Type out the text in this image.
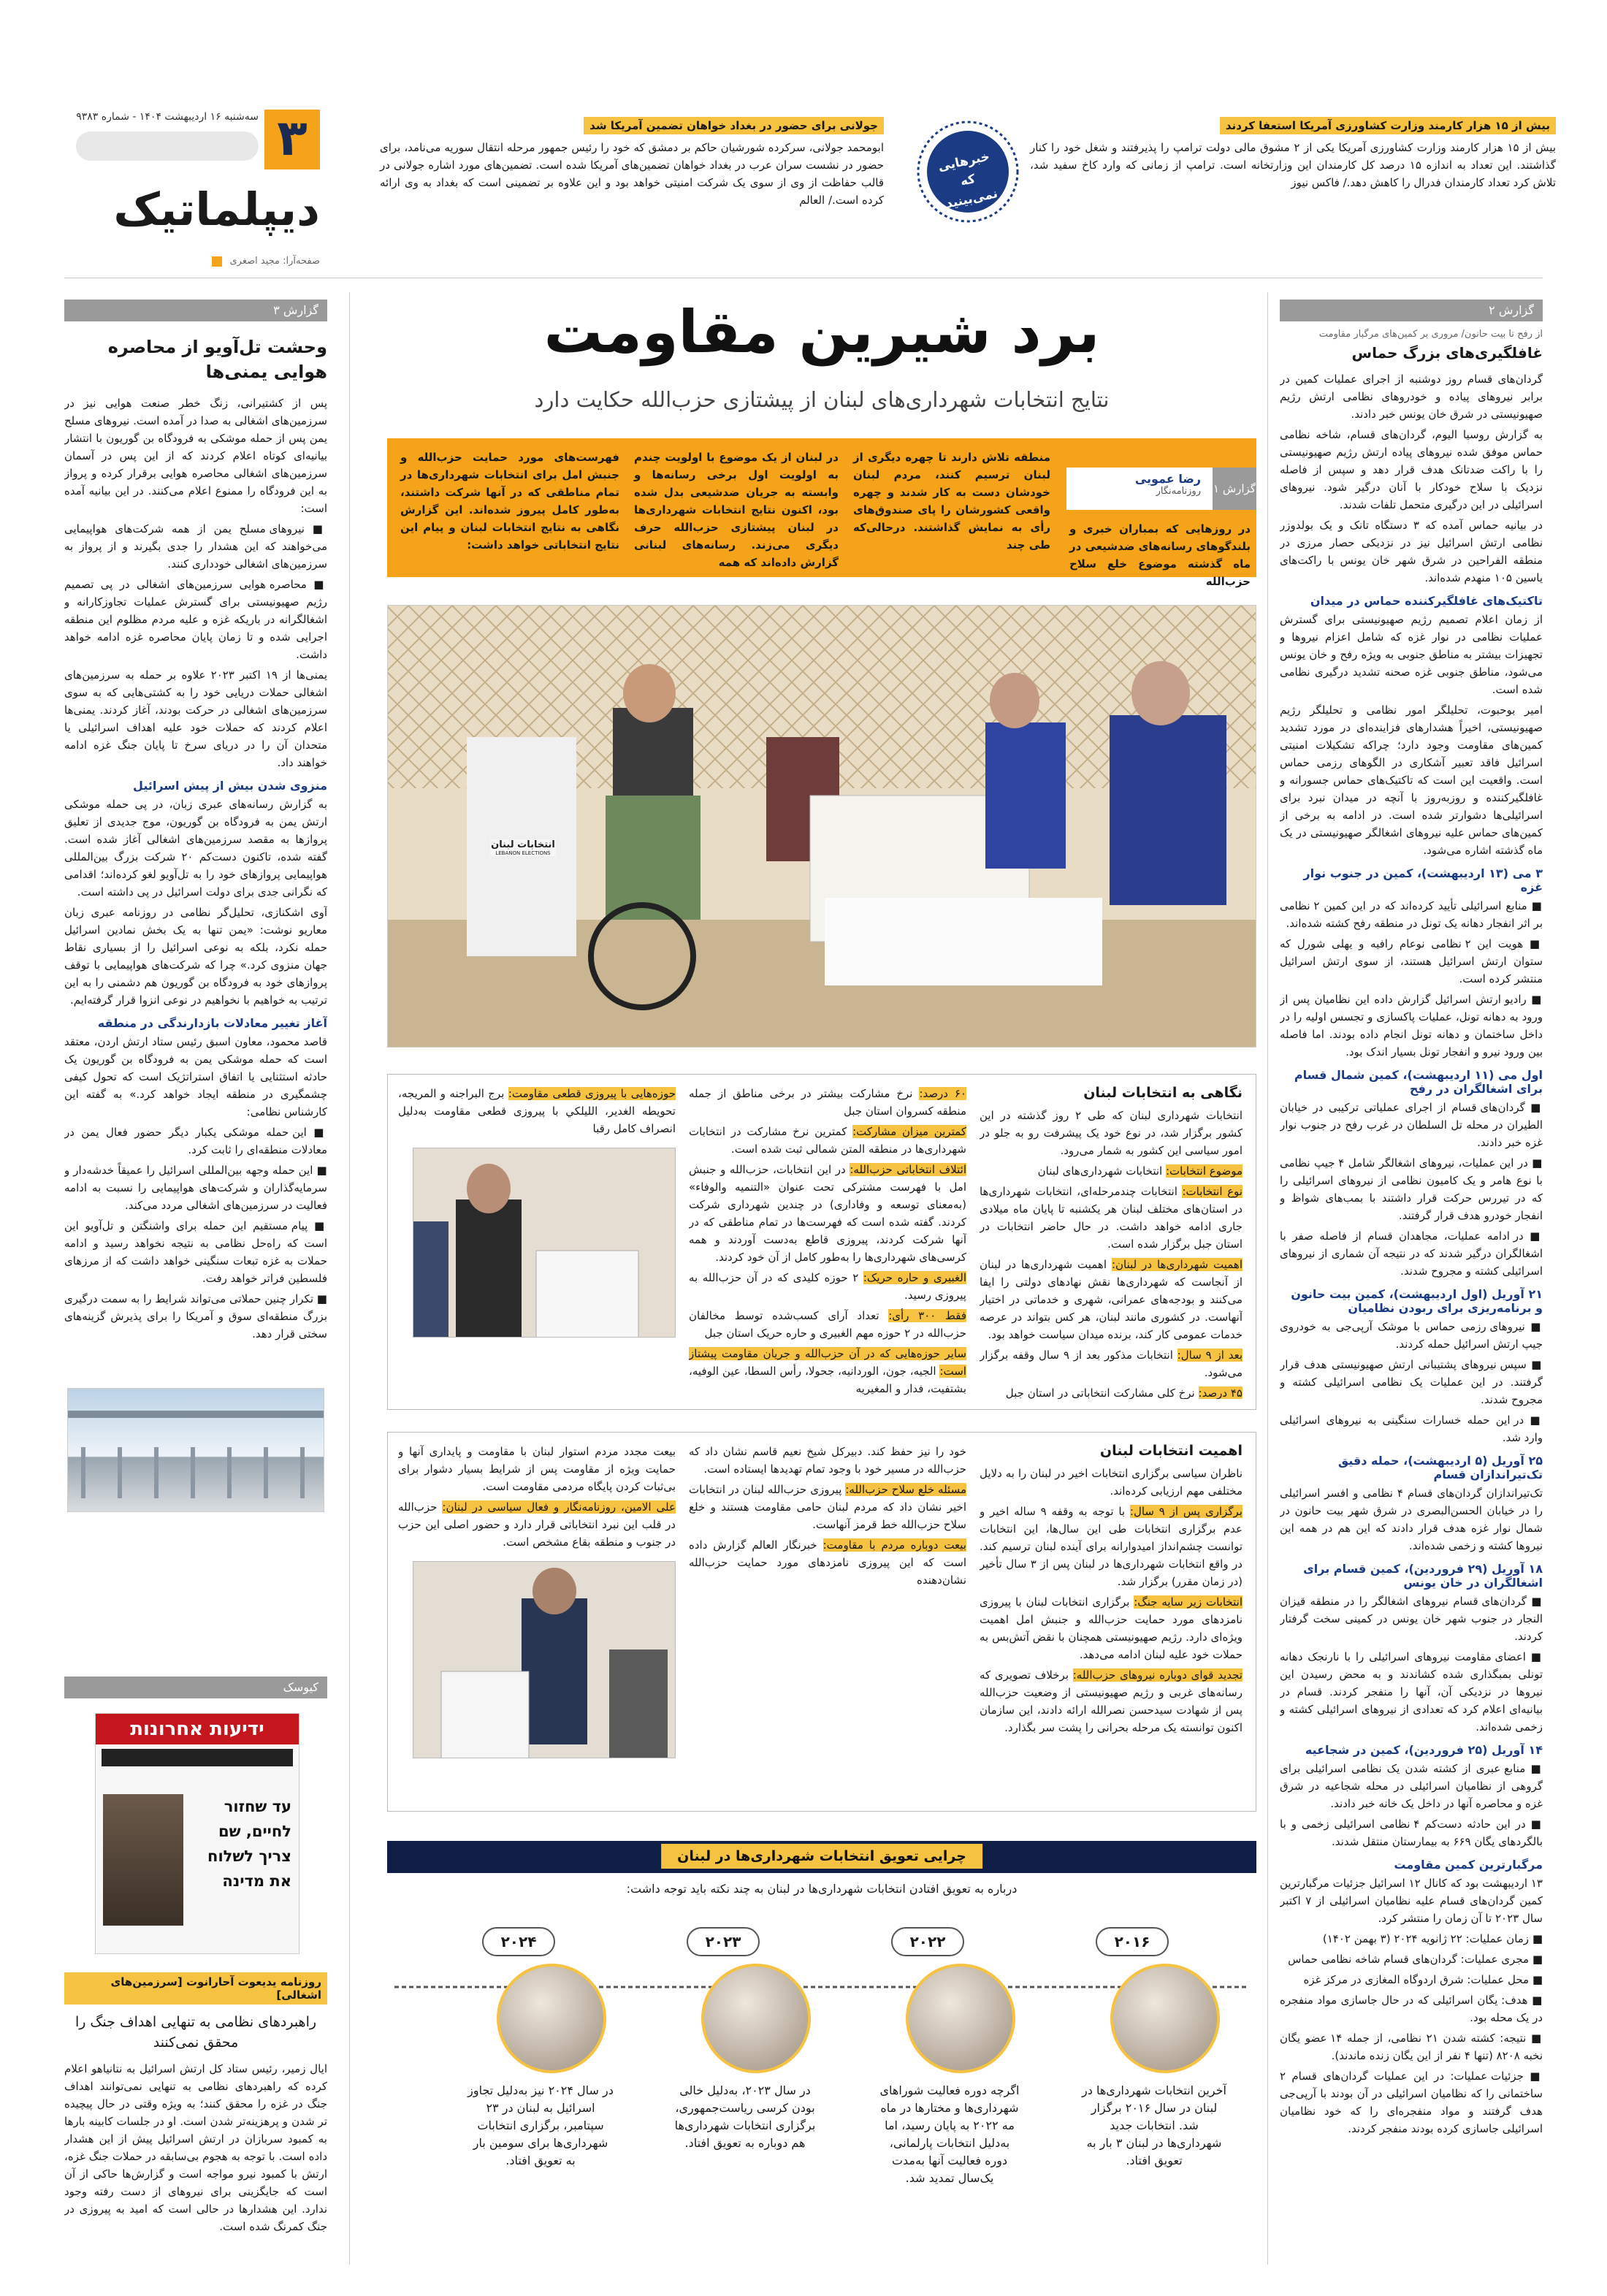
٣
سه‌شنبه ۱۶ اردیبهشت ۱۴۰۴ - شماره ۹۳۸۳
دیپلماتیک
صفحه‌آرا: مجید اصغری
بیش از ۱۵ هزار کارمند وزارت کشاورزی آمریکا استعفا کردند

بیش از ۱۵ هزار کارمند وزارت کشاورزی آمریکا یکی از ۲ مشوق مالی دولت ترامپ را پذیرفتند و شغل خود را کنار گذاشتند. این تعداد به اندازه ۱۵ درصد کل کارمندان این وزارتخانه است. ترامپ از زمانی که وارد کاخ سفید شد، تلاش کرد تعداد کارمندان فدرال را کاهش دهد./ فاکس نیوز

خبرهایی که نمی‌بینید
جولانی برای حضور در بغداد خواهان تضمین آمریکا شد

ابومحمد جولانی، سرکرده شورشیان حاکم بر دمشق که خود را رئیس جمهور مرحله انتقال سوریه می‌نامد، برای حضور در نشست سران عرب در بغداد خواهان تضمین‌های آمریکا شده است. تضمین‌های مورد اشاره جولانی در قالب حفاظت از وی از سوی یک شرکت امنیتی خواهد بود و این علاوه بر تضمینی است که بغداد به وی ارائه کرده است./ العالم

گزارش ۳
وحشت تل‌آویو از محاصره هوایی یمنی‌ها

پس از کشتیرانی، زنگ خطر صنعت هوایی نیز در سرزمین‌های اشغالی به صدا در آمده است. نیروهای مسلح یمن پس از حمله موشکی به فرودگاه بن گوریون با انتشار بیانیه‌ای کوتاه اعلام کردند که از این پس در آسمان سرزمین‌های اشغالی محاصره هوایی برقرار کرده و پرواز به این فرودگاه را ممنوع اعلام می‌کنند. در این بیانیه آمده است:

■ نیروهای مسلح یمن از همه شرکت‌های هواپیمایی می‌خواهند که این هشدار را جدی بگیرند و از پرواز به سرزمین‌های اشغالی خودداری کنند.

■ محاصره هوایی سرزمین‌های اشغالی در پی تصمیم رژیم صهیونیستی برای گسترش عملیات تجاوزکارانه و اشغالگرانه در باریکه غزه و علیه مردم مظلوم این منطقه اجرایی شده و تا زمان پایان محاصره غزه ادامه خواهد داشت.

یمنی‌ها از ۱۹ اکتبر ۲۰۲۳ علاوه بر حمله به سرزمین‌های اشغالی حملات دریایی خود را به کشتی‌هایی که به سوی سرزمین‌های اشغالی در حرکت بودند، آغاز کردند. یمنی‌ها اعلام کردند که حملات خود علیه اهداف اسرائیلی یا متحدان آن را در دریای سرخ تا پایان جنگ غزه ادامه خواهند داد.

منزوی شدن بیش از پیش اسرائیل

به گزارش رسانه‌های عبری زبان، در پی حمله موشکی ارتش یمن به فرودگاه بن گوریون، موج جدیدی از تعلیق پروازها به مقصد سرزمین‌های اشغالی آغاز شده است. گفته شده، تاکنون دست‌کم ۲۰ شرکت بزرگ بین‌المللی هواپیمایی پروازهای خود را به تل‌آویو لغو کرده‌اند؛ اقدامی که نگرانی جدی برای دولت اسرائیل در پی داشته است.

آوی اشکنازی، تحلیل‌گر نظامی در روزنامه عبری زبان معاریو نوشت: «یمن تنها به یک بخش نمادین اسرائیل حمله نکرد، بلکه به نوعی اسرائیل را از بسیاری نقاط جهان منزوی کرد.» چرا که شرکت‌های هواپیمایی با توقف پروازهای خود به فرودگاه بن گوریون هم دشمنی را به این ترتیب به خواهیم با نخواهیم در نوعی انزوا قرار گرفته‌ایم.

آغاز تغییر معادلات بازدارندگی در منطقه

قاصد محمود، معاون اسبق رئیس ستاد ارتش اردن، معتقد است که حمله موشکی یمن به فرودگاه بن گوریون یک حادثه استثنایی یا اتفاق استراتژیک است که تحول کیفی چشمگیری در منطقه ایجاد خواهد کرد.» به گفته این کارشناس نظامی:

■ این حمله موشکی یکبار دیگر حضور فعال یمن در معادلات منطقه‌ای را ثابت کرد.

■ این حمله وجهه بین‌المللی اسرائیل را عمیقاً خدشه‌دار و سرمایه‌گذاران و شرکت‌های هواپیمایی را نسبت به ادامه فعالیت در سرزمین‌های اشغالی مردد می‌کند.

■ پیام مستقیم این حمله برای واشنگتن و تل‌آویو این است که راه‌حل نظامی به نتیجه نخواهد رسید و ادامه حملات به غزه تبعات سنگینی خواهد داشت که از مرزهای فلسطین فراتر خواهد رفت.

■ تکرار چنین حملاتی می‌تواند شرایط را به سمت درگیری بزرگ منطقه‌ای سوق و آمریکا را برای پذیرش گزینه‌های سختی قرار دهد.

کیوسک
ידיעות אחרונות
עד שחזור
לחיים, שם
צריך לשלוח
את מדינה
روزنامه یدیعوت آحارانوت [سرزمین‌های اشغالی]
راهبرد‌های نظامی به تنهایی اهداف جنگ را محقق نمی‌کنند

ایال زمیر، رئیس ستاد کل ارتش اسرائیل به نتانیاهو اعلام کرده که راهبردهای نظامی به تنهایی نمی‌توانند اهداف جنگ در غزه را محقق کنند؛ به ویژه وقتی در حال پیچیده تر شدن و پرهزینه‌تر شدن است. او در جلسات کابینه بارها به کمبود سربازان در ارتش اسرائیل پیش از این هشدار داده است. با توجه به هجوم بی‌سابقه در حملات جنگ غزه، ارتش با کمبود نیرو مواجه است و گزارش‌ها حاکی از آن است که جایگزینی برای نیروهای از دست رفته وجود ندارد. این هشدارها در حالی است که امید به پیروزی در جنگ کمرنگ شده است.

برد شیرین مقاومت
نتایج انتخابات شهرداری‌های لبنان از پیشتازی حزب‌الله حکایت دارد
گزارش ۱
رضا عمویی
روزنامه‌نگار

در روزهایی که بمباران خبری و بلندگوهای رسانه‌های ضدشیعی در ماه گذشته موضوع خلع سلاح حزب‌الله

منطقه تلاش دارند تا چهره دیگری از لبنان ترسیم کنند، مردم لبنان خودشان دست به کار شدند و چهره واقعی کشورشان را پای صندوق‌های رأی به نمایش گذاشتند. درحالی‌که طی چند

در لبنان از یک موضوع با اولویت چندم به اولویت اول برخی رسانه‌ها و وابسته به جریان ضدشیعی بدل شده بود، اکنون نتایج انتخابات شهرداری‌ها در لبنان پیشتازی حزب‌الله حرف دیگری می‌زند. رسانه‌های لبنانی گزارش داده‌اند که همه

فهرست‌های مورد حمایت حزب‌الله و جنبش امل برای انتخابات شهرداری‌ها در تمام مناطقی که در آنها شرکت داشتند، به‌طور کامل پیروز شده‌اند. این گزارش نگاهی به نتایج انتخابات لبنان و پیام این نتایج انتخاباتی خواهد داشت:

انتخابات لبنان
LEBANON ELECTIONS
نگاهی به انتخابات لبنان

انتخابات شهرداری لبنان که طی ۲ روز گذشته در این کشور برگزار شد، در نوع خود یک پیشرفت رو به جلو در امور سیاسی این کشور به شمار می‌رود.

موضوع انتخابات: انتخابات شهرداری‌های لبنان

نوع انتخابات: انتخابات چندمرحله‌ای، انتخابات شهرداری‌ها در استان‌های مختلف لبنان هر یکشنبه تا پایان ماه میلادی جاری ادامه خواهد داشت. در حال حاضر انتخابات در استان جبل برگزار شده است.

اهمیت شهرداری‌ها در لبنان: اهمیت شهرداری‌ها در لبنان از آنجاست که شهرداری‌ها نقش نهادهای دولتی را ایفا می‌کنند و بودجه‌های عمرانی، شهری و خدماتی در اختیار آنهاست. در کشوری مانند لبنان، هر کس بتواند در عرصه خدمات عمومی کار کند، برنده میدان سیاست خواهد بود.

بعد از ۹ سال: انتخابات مذکور بعد از ۹ سال وقفه برگزار می‌شود.

۴۵ درصد: نرخ کلی مشارکت انتخاباتی در استان جبل

۶۰ درصد: نرخ مشارکت بیشتر در برخی مناطق از جمله منطقه کسروان استان جبل

کمترین میزان مشارکت: کمترین نرخ مشارکت در انتخابات شهرداری‌ها در منطقه المتن شمالی ثبت شده است.

ائتلاف انتخاباتی حزب‌الله: در این انتخابات، حزب‌الله و جنبش امل با فهرست مشترکی تحت عنوان «التنمیه والوفاء» (به‌معنای توسعه و وفاداری) در چندین شهرداری شرکت کردند. گفته شده است که فهرست‌ها در تمام مناطقی که در آنها شرکت کردند، پیروزی قاطع به‌دست آوردند و همه کرسی‌های شهرداری‌ها را به‌طور کامل از آن خود کردند.

الغبیری و حاره حریک: ۲ حوزه کلیدی که در آن حزب‌الله به پیروزی رسید.

فقط ۳۰۰ رأی: تعداد آرای کسب‌شده توسط مخالفان حزب‌الله در ۲ حوزه مهم الغبیری و حاره حریک استان جبل

سایر حوزه‌هایی که در آن حزب‌الله و جریان مقاومت پیشتاز است: الجیه، جون، الوردانیه، جحولا، رأس السطا، عین الوفیه، بشتفیت، فدار و المغیریه

حوزه‌هایی با پیروزی قطعی مقاومت: برج البراجنه و المریجه، تحویطه الغدیر، الليلكي با پیروزی قطعی مقاومت به‌دلیل انصراف کامل رقبا

اهمیت انتخابات لبنان

ناظران سیاسی برگزاری انتخابات اخیر در لبنان را به دلایل مختلفی مهم ارزیابی کرده‌اند.

برگزاری پس از ۹ سال: با توجه به وقفه ۹ ساله اخیر و عدم برگزاری انتخابات طی این سال‌ها، این انتخابات توانست چشم‌انداز امیدوارانه برای آینده لبنان ترسیم کند. در واقع انتخابات شهرداری‌ها در لبنان پس از ۳ سال تأخیر (در زمان مقرر) برگزار شد.

انتخابات زیر سایه جنگ: برگزاری انتخابات لبنان با پیروزی نامزدهای مورد حمایت حزب‌الله و جنبش امل اهمیت ویژه‌ای دارد. رژیم صهیونیستی همچنان با نقض آتش‌بس به حملات خود علیه لبنان ادامه می‌دهد.

تجدید قوای دوباره نیروهای حزب‌الله: برخلاف تصویری که رسانه‌های غربی و رژیم صهیونیستی از وضعیت حزب‌الله پس از شهادت سیدحسن نصرالله ارائه دادند، این سازمان اکنون توانسته یک مرحله بحرانی را پشت سر بگذارد.

خود را نیز حفظ کند. دبیرکل شیخ نعیم قاسم نشان داد که حزب‌الله در مسیر خود با وجود تمام تهدیدها ایستاده است.

مسئله خلع سلاح حزب‌الله: پیروزی حزب‌الله لبنان در انتخابات اخیر نشان داد که مردم لبنان حامی مقاومت هستند و خلع سلاح حزب‌الله خط قرمز آنهاست.

بیعت دوباره مردم با مقاومت: خبرنگار العالم گزارش داده است که این پیروزی نامزدهای مورد حمایت حزب‌الله نشان‌دهنده

بیعت مجدد مردم استوار لبنان با مقاومت و پایداری آنها و حمایت ویژه از مقاومت پس از شرایط بسیار دشوار برای بی‌ثبات کردن پایگاه مردمی مقاومت است.

علی الامین، روزنامه‌نگار و فعال سیاسی در لبنان: حزب‌الله در قلب این نبرد انتخاباتی قرار دارد و حضور اصلی این حزب در جنوب و منطقه بقاع مشخص است.

چرایی تعویق انتخابات شهرداری‌ها در لبنان
درباره به تعویق افتادن انتخابات شهرداری‌ها در لبنان به چند نکته باید توجه داشت:
۲۰۱۶
آخرین انتخابات شهرداری‌ها در لبنان در سال ۲۰۱۶ برگزار شد. انتخابات جدید شهرداری‌ها در لبنان ۳ بار به تعویق افتاد.
۲۰۲۲
اگرچه دوره فعالیت شوراهای شهرداری‌ها و مختارها در ماه مه ۲۰۲۲ به پایان رسید، اما به‌دلیل انتخابات پارلمانی، دوره فعالیت آنها به‌مدت یک‌سال تمدید شد.
۲۰۲۳
در سال ۲۰۲۳، به‌دلیل خالی بودن کرسی ریاست‌جمهوری، برگزاری انتخابات شهرداری‌ها هم دوباره به تعویق افتاد.
۲۰۲۴
در سال ۲۰۲۴ نیز به‌دلیل تجاوز اسرائیل به لبنان در ۲۳ سپتامبر، برگزاری انتخابات شهرداری‌ها برای سومین بار به تعویق افتاد.
گزارش ۲
از رفح تا بیت حانون/ مروری بر کمین‌های مرگبار مقاومت
غافلگیری‌های بزرگ حماس

گردان‌های قسام روز دوشنبه از اجرای عملیات کمین در برابر نیروهای پیاده و خودروهای نظامی ارتش رژیم صهیونیستی در شرق خان یونس خبر دادند.

به گزارش روسیا الیوم، گردان‌های قسام، شاخه نظامی حماس موفق شده نیروهای پیاده ارتش رژیم صهیونیستی را با راکت ضدتانک هدف قرار دهد و سپس از فاصله نزدیک با سلاح خودکار با آنان درگیر شود. نیروهای اسرائیلی در این درگیری متحمل تلفات شدند.

در بیانیه حماس آمده که ۳ دستگاه تانک و یک بولدوزر نظامی ارتش اسرائیل نیز در نزدیکی حصار مرزی در منطقه الفراحین در شرق شهر خان یونس با راکت‌های یاسین ۱۰۵ منهدم شده‌اند.

تاکتیک‌های غافلگیرکننده حماس در میدان

از زمان اعلام تصمیم رژیم صهیونیستی برای گسترش عملیات نظامی در نوار غزه که شامل اعزام نیروها و تجهیزات بیشتر به مناطق جنوبی به ویژه رفح و خان یونس می‌شود، مناطق جنوبی غزه صحنه تشدید درگیری نظامی شده است.

امیر بوحبوت، تحلیلگر امور نظامی و تحلیلگر رژیم صهیونیستی، اخیراً هشدارهای فزاینده‌ای در مورد تشدید کمین‌های مقاومت وجود دارد؛ چراکه تشکیلات امنیتی اسرائیل فاقد تعبیر آشکاری در الگوهای رزمی حماس است. واقعیت این است که تاکتیک‌های حماس جسورانه و غافلگیرکننده و روزبه‌روز با آنچه در میدان نبرد برای اسرائیلی‌ها دشوارتر شده است. در ادامه به برخی از کمین‌های حماس علیه نیروهای اشغالگر صهیونیستی در یک ماه گذشته اشاره می‌شود.

۳ می (۱۳ اردیبهشت)، کمین در جنوب نوار غزه

■ منابع اسرائیلی تأیید کرده‌اند که در این کمین ۲ نظامی بر اثر انفجار دهانه یک تونل در منطقه رفح کشته شده‌اند.

■ هویت این ۲ نظامی نوعام رافیه و یهلی شورل که ستوان ارتش اسرائیل هستند، از سوی ارتش اسرائیل منتشر کرده است.

■ رادیو ارتش اسرائیل گزارش داده این نظامیان پس از ورود به دهانه تونل، عملیات پاکسازی و تجسس اولیه را در داخل ساختمان و دهانه تونل انجام داده بودند. اما فاصله بین ورود نیرو و انفجار تونل بسیار اندک بود.

اول می (۱۱ اردیبهشت)، کمین شمال قسام برای اشغالگران در رفح

■ گردان‌های قسام از اجرای عملیاتی ترکیبی در خیابان الطیران در محله تل السلطان در غرب رفح در جنوب نوار غزه خبر دادند.

■ در این عملیات، نیروهای اشغالگر شامل ۴ جیپ نظامی با نوع هامر و یک کامیون نظامی از نیروهای اسرائیلی را که در تیررس حرکت قرار داشتند با بمب‌های شواظ و انفجار خودرو هدف قرار گرفتند.

■ در ادامه عملیات، مجاهدان قسام از فاصله صفر با اشغالگران درگیر شدند که در نتیجه آن شماری از نیروهای اسرائیلی کشته و مجروح شدند.

۲۱ آوریل (اول اردیبهشت)، کمین بیت حانون و برنامه‌ریزی برای ربودن نظامیان

■ نیروهای رزمی حماس با موشک آرپی‌جی به خودروی جیپ ارتش اسرائیل حمله کردند.

■ سپس نیروهای پشتیبانی ارتش صهیونیستی هدف قرار گرفتند. در این عملیات یک نظامی اسرائیلی کشته و مجروح شدند.

■ در این حمله خسارات سنگینی به نیروهای اسرائیلی وارد شد.

۲۵ آوریل (۵ اردیبهشت)، حمله دقیق تک‌تیراندازان قسام

تک‌تیراندازان گردان‌های قسام ۴ نظامی و افسر اسرائیلی را در خیابان الحسن‌البصری در شرق شهر بیت حانون در شمال نوار غزه هدف قرار دادند که این هم در همه این نیروها کشته و زخمی شده‌اند.

۱۸ آوریل (۲۹ فروردین)، کمین قسام برای اشغالگران در خان یونس

■ گردان‌های قسام نیروهای اشغالگر را در منطقه قیزان النجار در جنوب شهر خان یونس در کمینی سخت گرفتار کردند.

■ اعضای مقاومت نیروهای اسرائیلی را با نارنجک دهانه تونلی بمبگذاری شده کشاندند و به محض رسیدن این نیروها در نزدیکی آن، آنها را منفجر کردند. قسام در بیانیه‌ای اعلام کرد که تعدادی از نیروهای اسرائیلی کشته و زخمی شده‌اند.

۱۴ آوریل (۲۵ فروردین)، کمین در شجاعیه

■ منابع عبری از کشته شدن یک نظامی اسرائیلی برای گروهی از نظامیان اسرائیلی در محله شجاعیه در شرق غزه و محاصره آنها در داخل یک خانه خبر دادند.

■ در این حادثه دست‌کم ۴ نظامی اسرائیلی زخمی و با بالگردهای یگان ۶۶۹ به بیمارستان منتقل شدند.

مرگبارترین کمین مقاومت

۱۳ اردیبهشت بود که کانال ۱۲ اسرائیل جزئیات مرگبارترین کمین گردان‌های قسام علیه نظامیان اسرائیلی از ۷ اکتبر سال ۲۰۲۳ تا آن زمان را منتشر کرد.

■ زمان عملیات: ۲۲ ژانویه ۲۰۲۴ (۳ بهمن ۱۴۰۲)

■ مجری عملیات: گردان‌های قسام شاخه نظامی حماس

■ محل عملیات: شرق اردوگاه المغازی در مرکز غزه

■ هدف: یگان اسرائیلی که در حال جاسازی مواد منفجره در یک محله بود.

■ نتیجه: کشته شدن ۲۱ نظامی، از جمله ۱۴ عضو یگان نخبه ۸۲۰۸ (تنها ۴ نفر از این یگان زنده ماندند).

■ جزئیات عملیات: در این عملیات گردان‌های قسام ۲ ساختمانی را که نظامیان اسرائیلی در آن بودند با آرپی‌جی هدف گرفتند و مواد منفجره‌ای را که خود نظامیان اسرائیلی جاسازی کرده بودند منفجر کردند.
